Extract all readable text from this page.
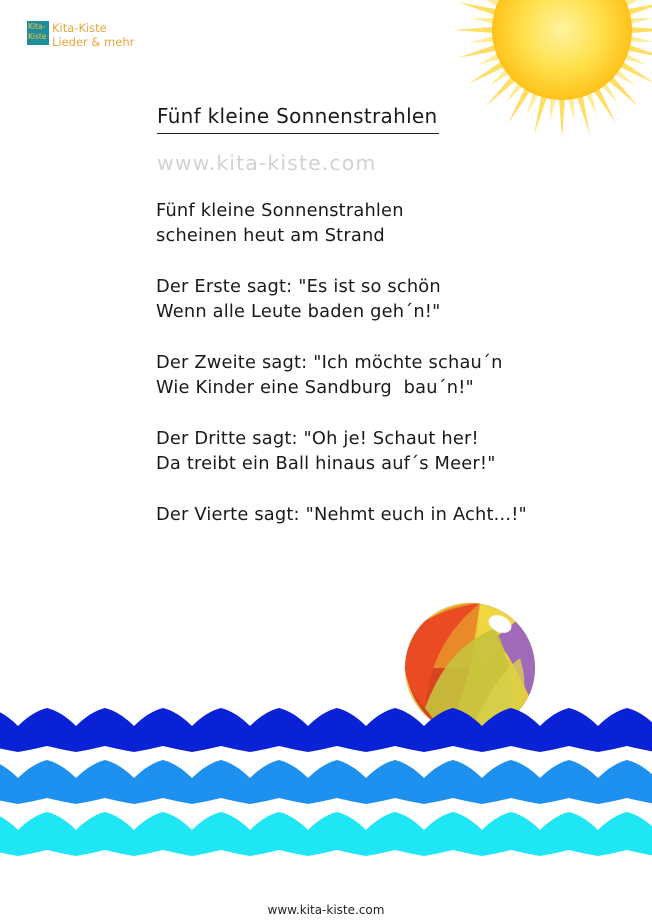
Kita-
Kiste
Kita-Kiste
Lieder & mehr
Fünf kleine Sonnenstrahlen
www.kita-kiste.com
Fünf kleine Sonnenstrahlen
scheinen heut am Strand
Der Erste sagt: "Es ist so schön
Wenn alle Leute baden geh´n!"
Der Zweite sagt: "Ich möchte schau´n
Wie Kinder eine Sandburg  bau´n!"
Der Dritte sagt: "Oh je! Schaut her!
Da treibt ein Ball hinaus auf´s Meer!"
Der Vierte sagt: "Nehmt euch in Acht...!"
www.kita-kiste.com
